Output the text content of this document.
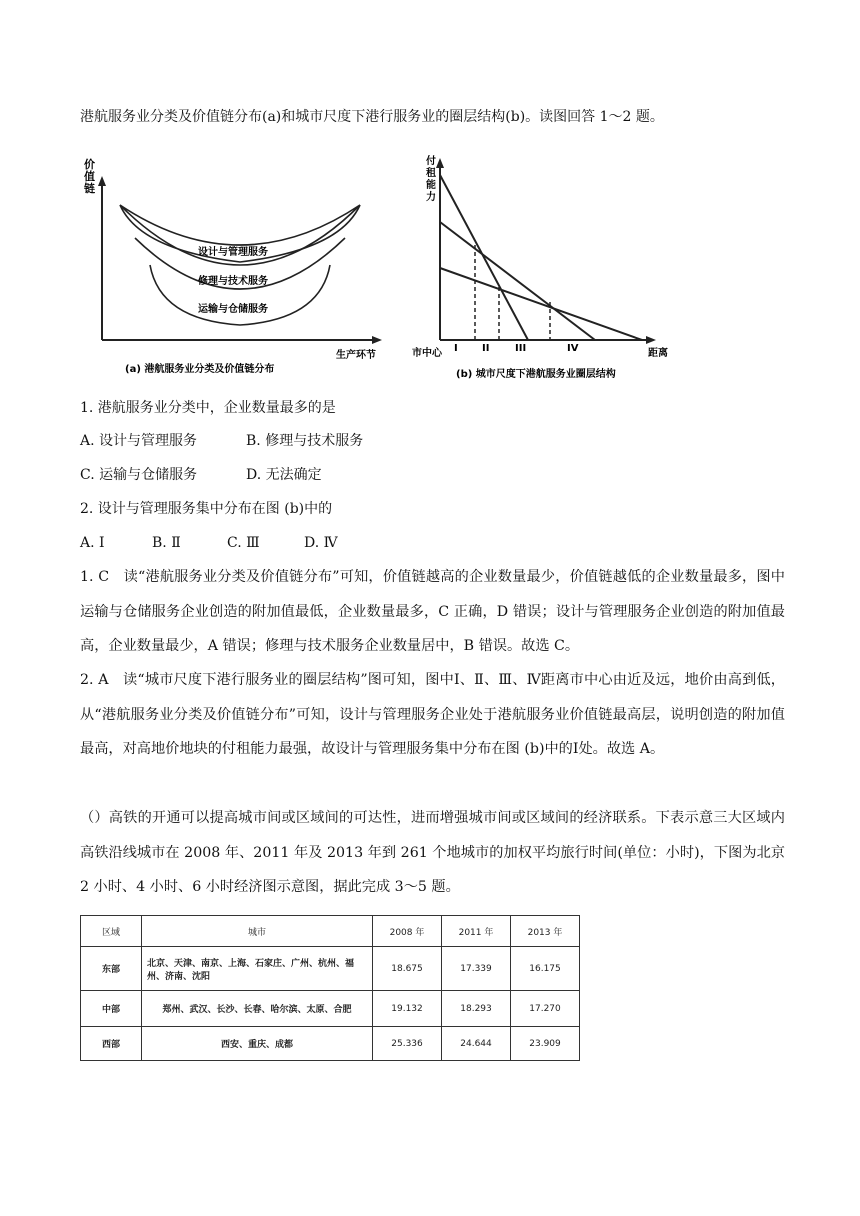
港航服务业分类及价值链分布(a)和城市尺度下港行服务业的圈层结构(b)。读图回答 1～2 题。
价值链
生产环节
设计与管理服务
修理与技术服务
运输与仓储服务
(a) 港航服务业分类及价值链分布
付租能力
市中心 I II	III	IV	距离
(b) 城市尺度下港航服务业圈层结构
1. 港航服务业分类中，企业数量最多的是
A. 设计与管理服务	B. 修理与技术服务
C. 运输与仓储服务	D. 无法确定
2. 设计与管理服务集中分布在图 (b)中的
A. Ⅰ	B. Ⅱ	C. Ⅲ	D. Ⅳ
1. C　读“港航服务业分类及价值链分布”可知，价值链越高的企业数量最少，价值链越低的企业数量最多，图中运输与仓储服务企业创造的附加值最低，企业数量最多，C 正确，D 错误；设计与管理服务企业创造的附加值最高，企业数量最少，A 错误；修理与技术服务企业数量居中，B 错误。故选 C。
2. A　读“城市尺度下港行服务业的圈层结构”图可知，图中Ⅰ、Ⅱ、Ⅲ、Ⅳ距离市中心由近及远，地价由高到低，从“港航服务业分类及价值链分布”可知，设计与管理服务企业处于港航服务业价值链最高层，说明创造的附加值最高，对高地价地块的付租能力最强，故设计与管理服务集中分布在图 (b)中的Ⅰ处。故选 A。
（）高铁的开通可以提高城市间或区域间的可达性，进而增强城市间或区域间的经济联系。下表示意三大区域内高铁沿线城市在 2008 年、2011 年及 2013 年到 261 个地城市的加权平均旅行时间(单位：小时)，下图为北京 2 小时、4 小时、6 小时经济图示意图，据此完成 3～5 题。
区域	城市	2008 年	2011 年	2013 年
东部	北京、天津、南京、上海、石家庄、广州、杭州、福州、济南、沈阳	18.675	17.339	16.175
中部	郑州、武汉、长沙、长春、哈尔滨、太原、合肥	19.132	18.293	17.270
西部	西安、重庆、成都	25.336	24.644	23.909
